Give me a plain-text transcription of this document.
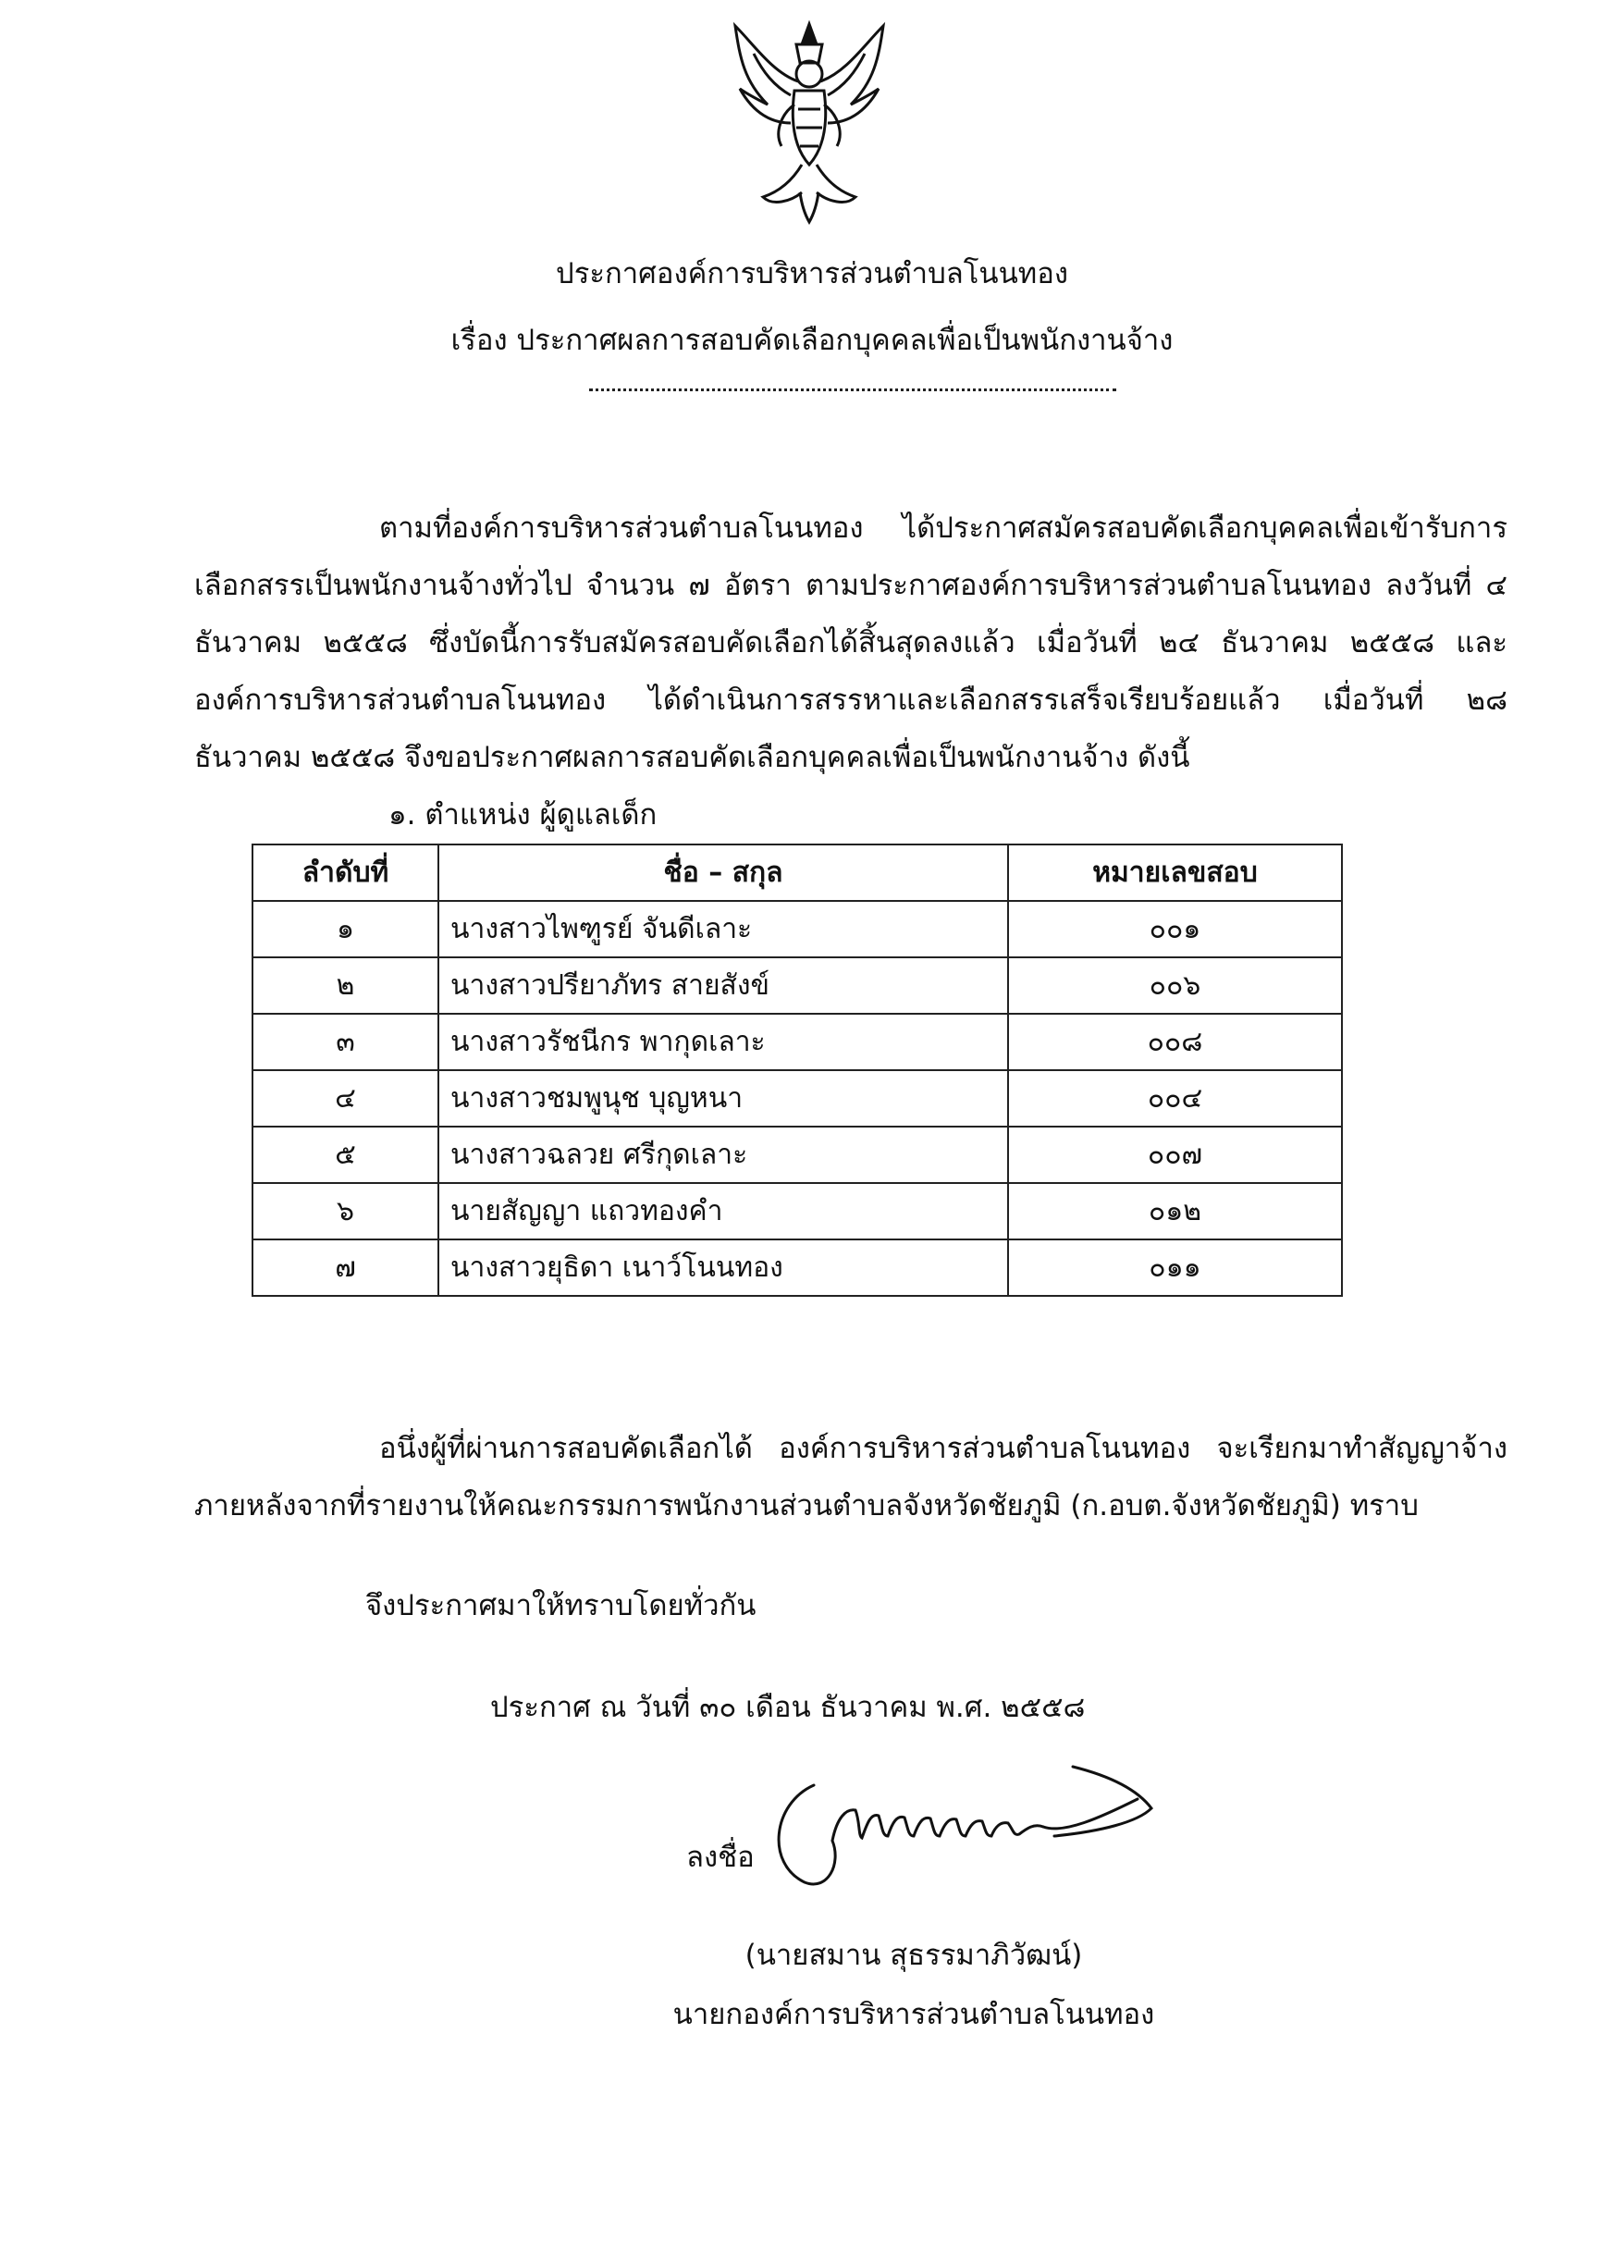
ประกาศองค์การบริหารส่วนตำบลโนนทอง
เรื่อง ประกาศผลการสอบคัดเลือกบุคคลเพื่อเป็นพนักงานจ้าง
ตามที่องค์การบริหารส่วนตำบลโนนทอง ได้ประกาศสมัครสอบคัดเลือกบุคคลเพื่อเข้ารับการเลือกสรรเป็นพนักงานจ้างทั่วไป จำนวน ๗ อัตรา ตามประกาศองค์การบริหารส่วนตำบลโนนทอง ลงวันที่ ๔ ธันวาคม ๒๕๕๘ ซึ่งบัดนี้การรับสมัครสอบคัดเลือกได้สิ้นสุดลงแล้ว เมื่อวันที่ ๒๔ ธันวาคม ๒๕๕๘ และองค์การบริหารส่วนตำบลโนนทอง ได้ดำเนินการสรรหาและเลือกสรรเสร็จเรียบร้อยแล้ว เมื่อวันที่ ๒๘ ธันวาคม ๒๕๕๘ จึงขอประกาศผลการสอบคัดเลือกบุคคลเพื่อเป็นพนักงานจ้าง ดังนี้
๑. ตำแหน่ง ผู้ดูแลเด็ก
ลำดับที่	ชื่อ – สกุล	หมายเลขสอบ
๑	นางสาวไพฑูรย์ จันดีเลาะ	๐๐๑
๒	นางสาวปรียาภัทร สายสังข์	๐๐๖
๓	นางสาวรัชนีกร พากุดเลาะ	๐๐๘
๔	นางสาวชมพูนุช บุญหนา	๐๐๔
๕	นางสาวฉลวย ศรีกุดเลาะ	๐๐๗
๖	นายสัญญา แถวทองคำ	๐๑๒
๗	นางสาวยุธิดา เนาว์โนนทอง	๐๑๑
อนึ่งผู้ที่ผ่านการสอบคัดเลือกได้ องค์การบริหารส่วนตำบลโนนทอง จะเรียกมาทำสัญญาจ้างภายหลังจากที่รายงานให้คณะกรรมการพนักงานส่วนตำบลจังหวัดชัยภูมิ (ก.อบต.จังหวัดชัยภูมิ) ทราบ
จึงประกาศมาให้ทราบโดยทั่วกัน
ประกาศ ณ วันที่ ๓๐ เดือน ธันวาคม พ.ศ. ๒๕๕๘
ลงชื่อ
(นายสมาน สุธรรมาภิวัฒน์)
นายกองค์การบริหารส่วนตำบลโนนทอง
